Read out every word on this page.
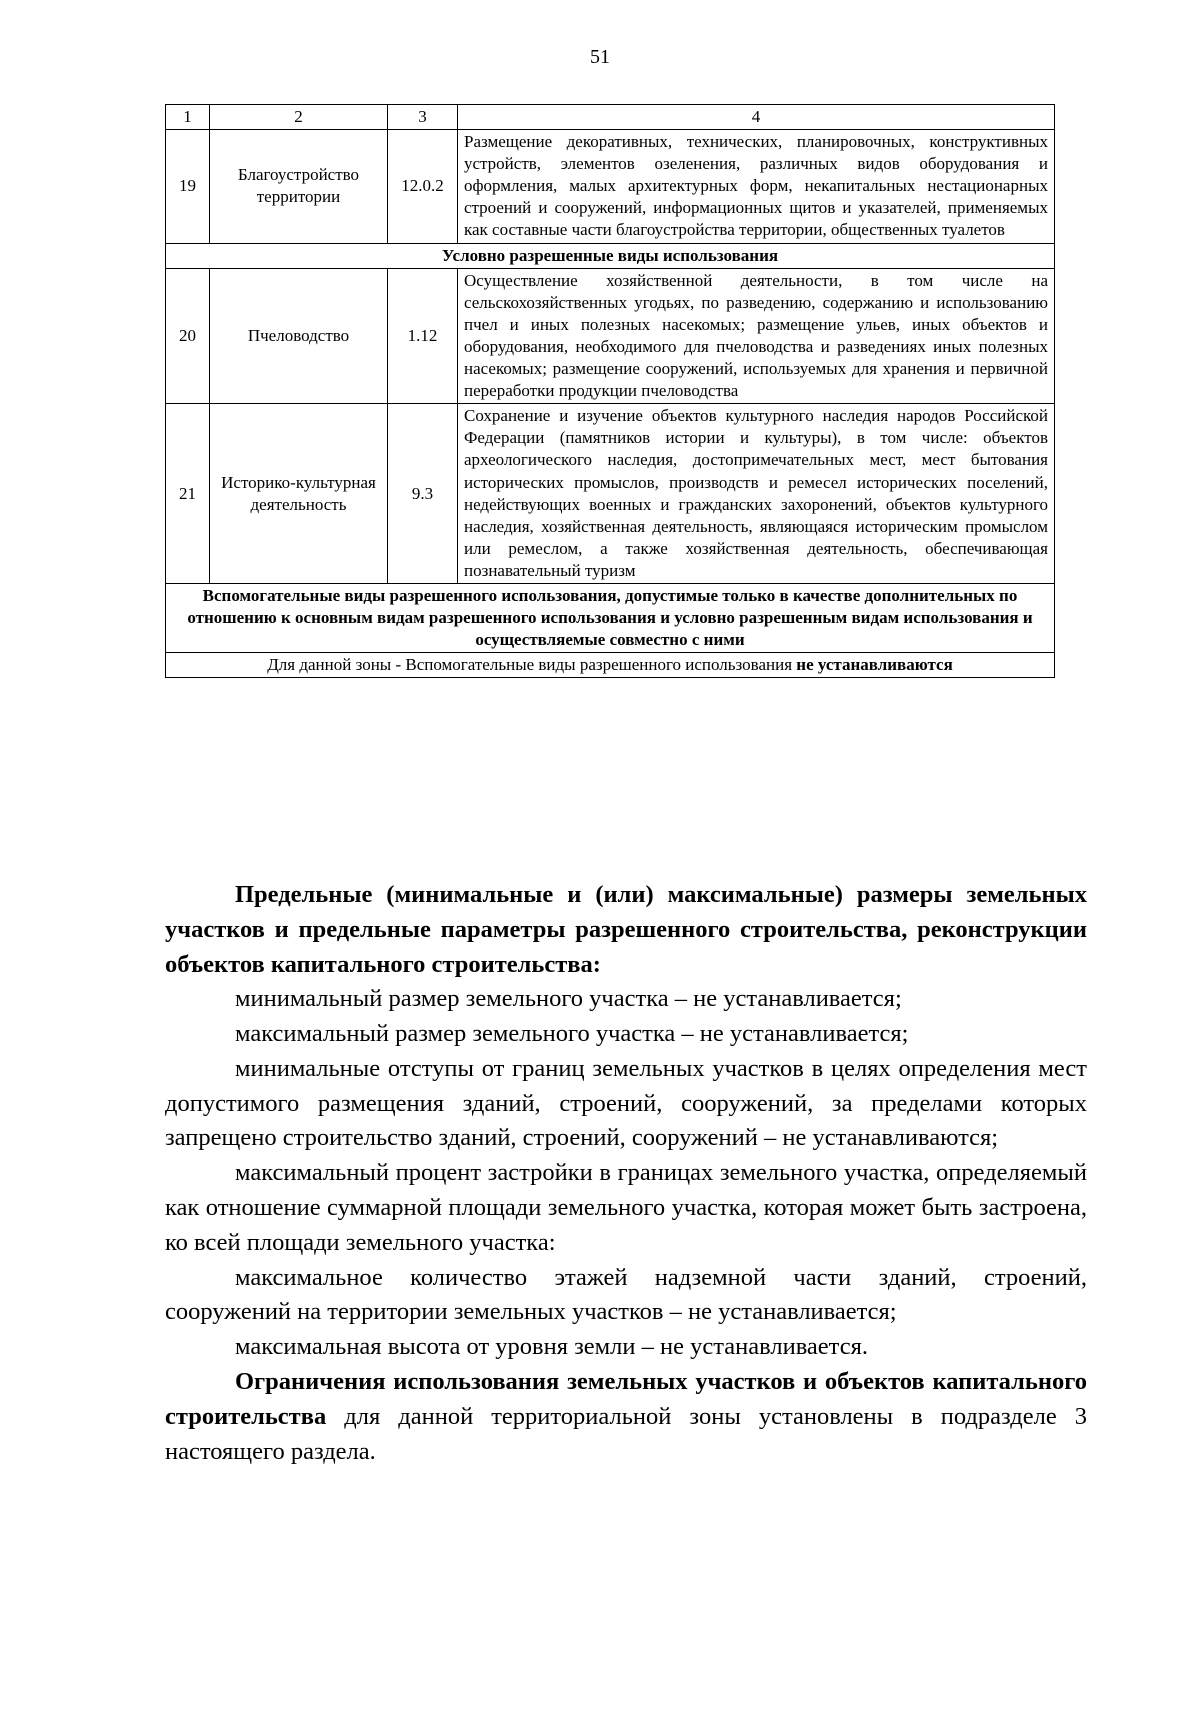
51
1	2	3	4
19	Благоустройство территории	12.0.2	Размещение декоративных, технических, планировочных, конструктивных устройств, элементов озеленения, различных видов оборудования и оформления, малых архитектурных форм, некапитальных нестационарных строений и сооружений, информационных щитов и указателей, применяемых как составные части благоустройства территории, общественных туалетов
Условно разрешенные виды использования			
20	Пчеловодство	1.12	Осуществление хозяйственной деятельности, в том числе на сельскохозяйственных угодьях, по разведению, содержанию и использованию пчел и иных полезных насекомых; размещение ульев, иных объектов и оборудования, необходимого для пчеловодства и разведениях иных полезных насекомых; размещение сооружений, используемых для хранения и первичной переработки продукции пчеловодства
21	Историко-культурная деятельность	9.3	Сохранение и изучение объектов культурного наследия народов Российской Федерации (памятников истории и культуры), в том числе: объектов археологического наследия, достопримечательных мест, мест бытования исторических промыслов, производств и ремесел исторических поселений, недействующих военных и гражданских захоронений, объектов культурного наследия, хозяйственная деятельность, являющаяся историческим промыслом или ремеслом, а также хозяйственная деятельность, обеспечивающая познавательный туризм
Вспомогательные виды разрешенного использования, допустимые только в качестве дополнительных по отношению к основным видам разрешенного использования и условно разрешенным видам использования и осуществляемые совместно с ними			
Для данной зоны - Вспомогательные виды разрешенного использования не устанавливаются			

Предельные (минимальные и (или) максимальные) размеры земельных участков и предельные параметры разрешенного строительства, реконструкции объектов капитального строительства:

минимальный размер земельного участка – не устанавливается;

максимальный размер земельного участка – не устанавливается;

минимальные отступы от границ земельных участков в целях определения мест допустимого размещения зданий, строений, сооружений, за пределами которых запрещено строительство зданий, строений, сооружений – не устанавливаются;

максимальный процент застройки в границах земельного участка, определяемый как отношение суммарной площади земельного участка, которая может быть застроена, ко всей площади земельного участка:

максимальное количество этажей надземной части зданий, строений, сооружений на территории земельных участков – не устанавливается;

максимальная высота от уровня земли – не устанавливается.

Ограничения использования земельных участков и объектов капитального строительства для данной территориальной зоны установлены в подразделе 3 настоящего раздела.
